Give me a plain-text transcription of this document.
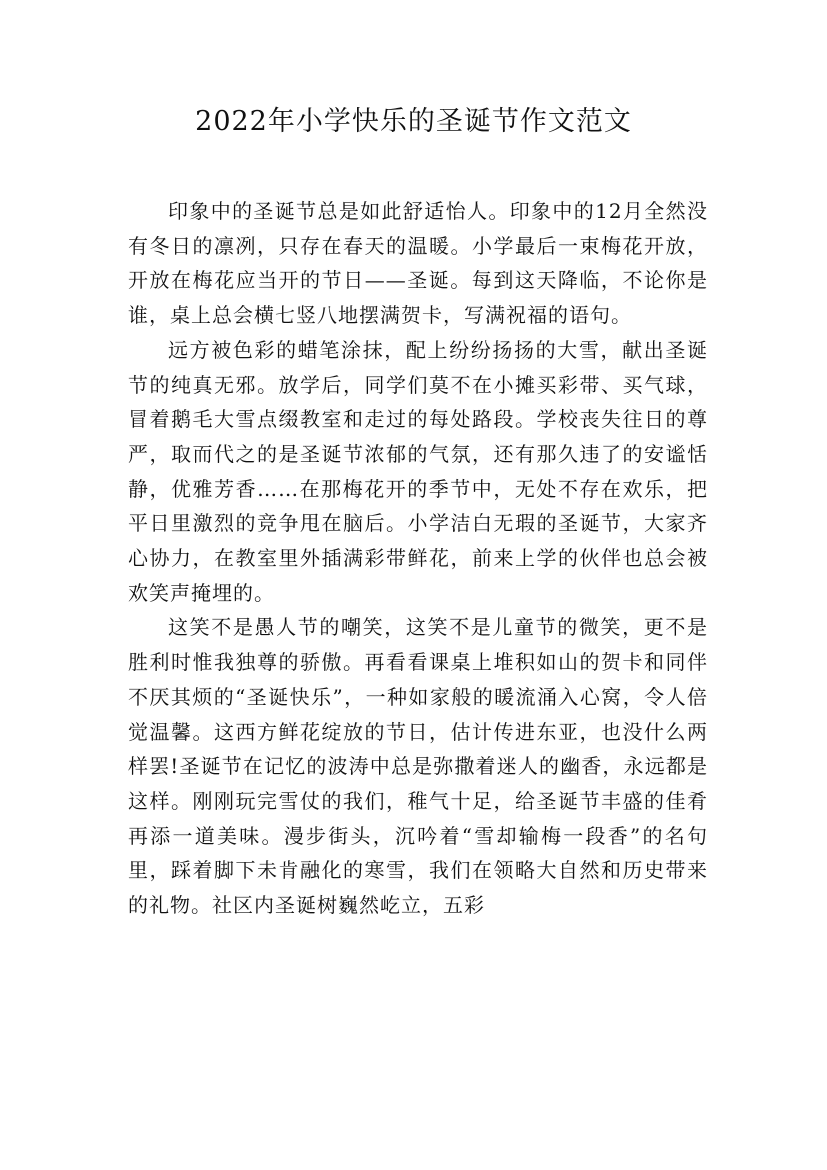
2022年小学快乐的圣诞节作文范文

印象中的圣诞节总是如此舒适怡人。印象中的12月全然没有冬日的凛冽，只存在春天的温暖。小学最后一束梅花开放，开放在梅花应当开的节日——圣诞。每到这天降临，不论你是谁，桌上总会横七竖八地摆满贺卡，写满祝福的语句。

远方被色彩的蜡笔涂抹，配上纷纷扬扬的大雪，献出圣诞节的纯真无邪。放学后，同学们莫不在小摊买彩带、买气球，冒着鹅毛大雪点缀教室和走过的每处路段。学校丧失往日的尊严，取而代之的是圣诞节浓郁的气氛，还有那久违了的安谧恬静，优雅芳香……在那梅花开的季节中，无处不存在欢乐，把平日里激烈的竞争甩在脑后。小学洁白无瑕的圣诞节，大家齐心协力，在教室里外插满彩带鲜花，前来上学的伙伴也总会被欢笑声掩埋的。

这笑不是愚人节的嘲笑，这笑不是儿童节的微笑，更不是胜利时惟我独尊的骄傲。再看看课桌上堆积如山的贺卡和同伴不厌其烦的“圣诞快乐”，一种如家般的暖流涌入心窝，令人倍觉温馨。这西方鲜花绽放的节日，估计传进东亚，也没什么两样罢!圣诞节在记忆的波涛中总是弥撒着迷人的幽香，永远都是这样。刚刚玩完雪仗的我们，稚气十足，给圣诞节丰盛的佳肴再添一道美味。漫步街头，沉吟着“雪却输梅一段香”的名句里，踩着脚下未肯融化的寒雪，我们在领略大自然和历史带来的礼物。社区内圣诞树巍然屹立，五彩
